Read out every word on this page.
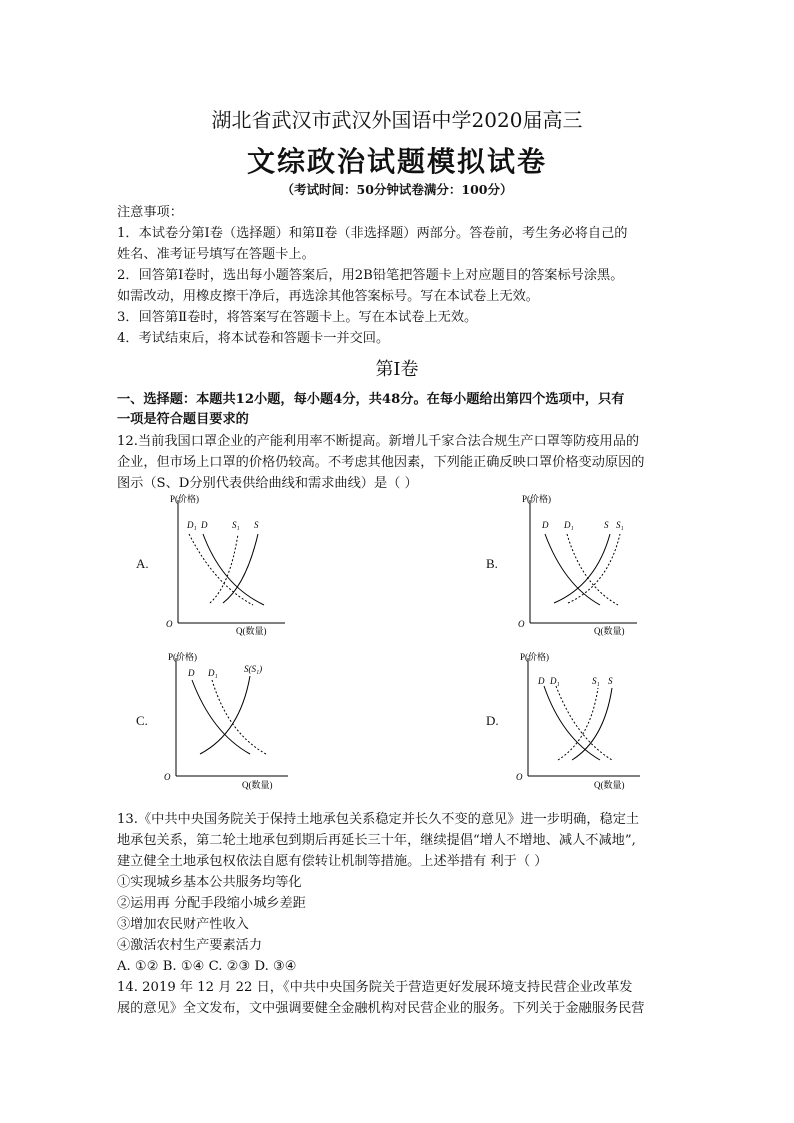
湖北省武汉市武汉外国语中学2020届高三
文综政治试题模拟试卷
（考试时间：50分钟试卷满分：100分）
注意事项：
1．本试卷分第Ⅰ卷（选择题）和第Ⅱ卷（非选择题）两部分。答卷前，考生务必将自己的
姓名、准考证号填写在答题卡上。
2．回答第Ⅰ卷时，选出每小题答案后，用2B铅笔把答题卡上对应题目的答案标号涂黑。
如需改动，用橡皮擦干净后，再选涂其他答案标号。写在本试卷上无效。
3．回答第Ⅱ卷时，将答案写在答题卡上。写在本试卷上无效。
4．考试结束后，将本试卷和答题卡一并交回。
第Ⅰ卷
一、选择题：本题共12小题，每小题4分，共48分。在每小题给出第四个选项中，只有
一项是符合题目要求的
12.当前我国口罩企业的产能利用率不断提高。新增儿千家合法合规生产口罩等防疫用品的
企业，但市场上口罩的价格仍较高。不考虑其他因素，下列能正确反映口罩价格变动原因的
图示（S、D分别代表供给曲线和需求曲线）是（ ）
A.
P(价格)
Q(数量)
O
D₁ D	S₁ S
B.
P(价格)
Q(数量)
O
D D₁	S S₁
C.
P(价格)
Q(数量)
O
D D₁	S(S₁)
D.
P(价格)
Q(数量)
O
D D₁	S₁ S
13.《中共中央国务院关于保持土地承包关系稳定并长久不变的意见》进一步明确，稳定土
地承包关系，第二轮土地承包到期后再延长三十年，继续提倡“增人不增地、减人不减地”,
建立健全土地承包权依法自愿有偿转让机制等措施。上述举措有 利于（ ）
①实现城乡基本公共服务均等化
②运用再 分配手段缩小城乡差距
③增加农民财产性收入
④激活农村生产要素活力
A. ①② B. ①④ C. ②③ D. ③④
14. 2019 年 12 月 22 日，《中共中央国务院关于营造更好发展环境支持民营企业改革发
展的意见》全文发布，文中强调要健全金融机构对民营企业的服务。下列关于金融服务民营
